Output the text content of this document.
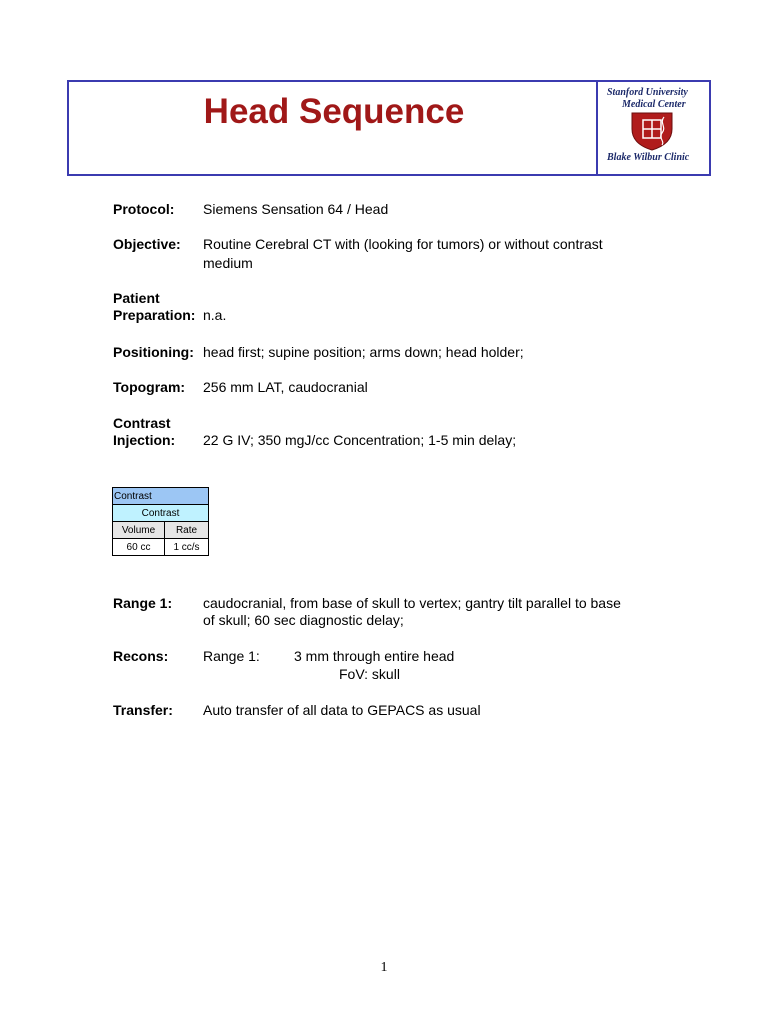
Head Sequence	Stanford University
Medical Center
Blake Wilbur Clinic
Protocol: Siemens Sensation 64 / Head
Objective: Routine Cerebral CT with (looking for tumors) or without contrast
medium
Patient
Preparation: n.a.
Positioning: head first; supine position; arms down; head holder;
Topogram: 256 mm LAT, caudocranial
Contrast
Injection: 22 G IV; 350 mgJ/cc Concentration; 1-5 min delay;
Contrast	
Contrast	
Volume	Rate
60 cc	1 cc/s
Range 1: caudocranial, from base of skull to vertex; gantry tilt parallel to base
of skull; 60 sec diagnostic delay;
Recons: Range 1: 3 mm through entire head
FoV: skull
Transfer: Auto transfer of all data to GEPACS as usual
1
